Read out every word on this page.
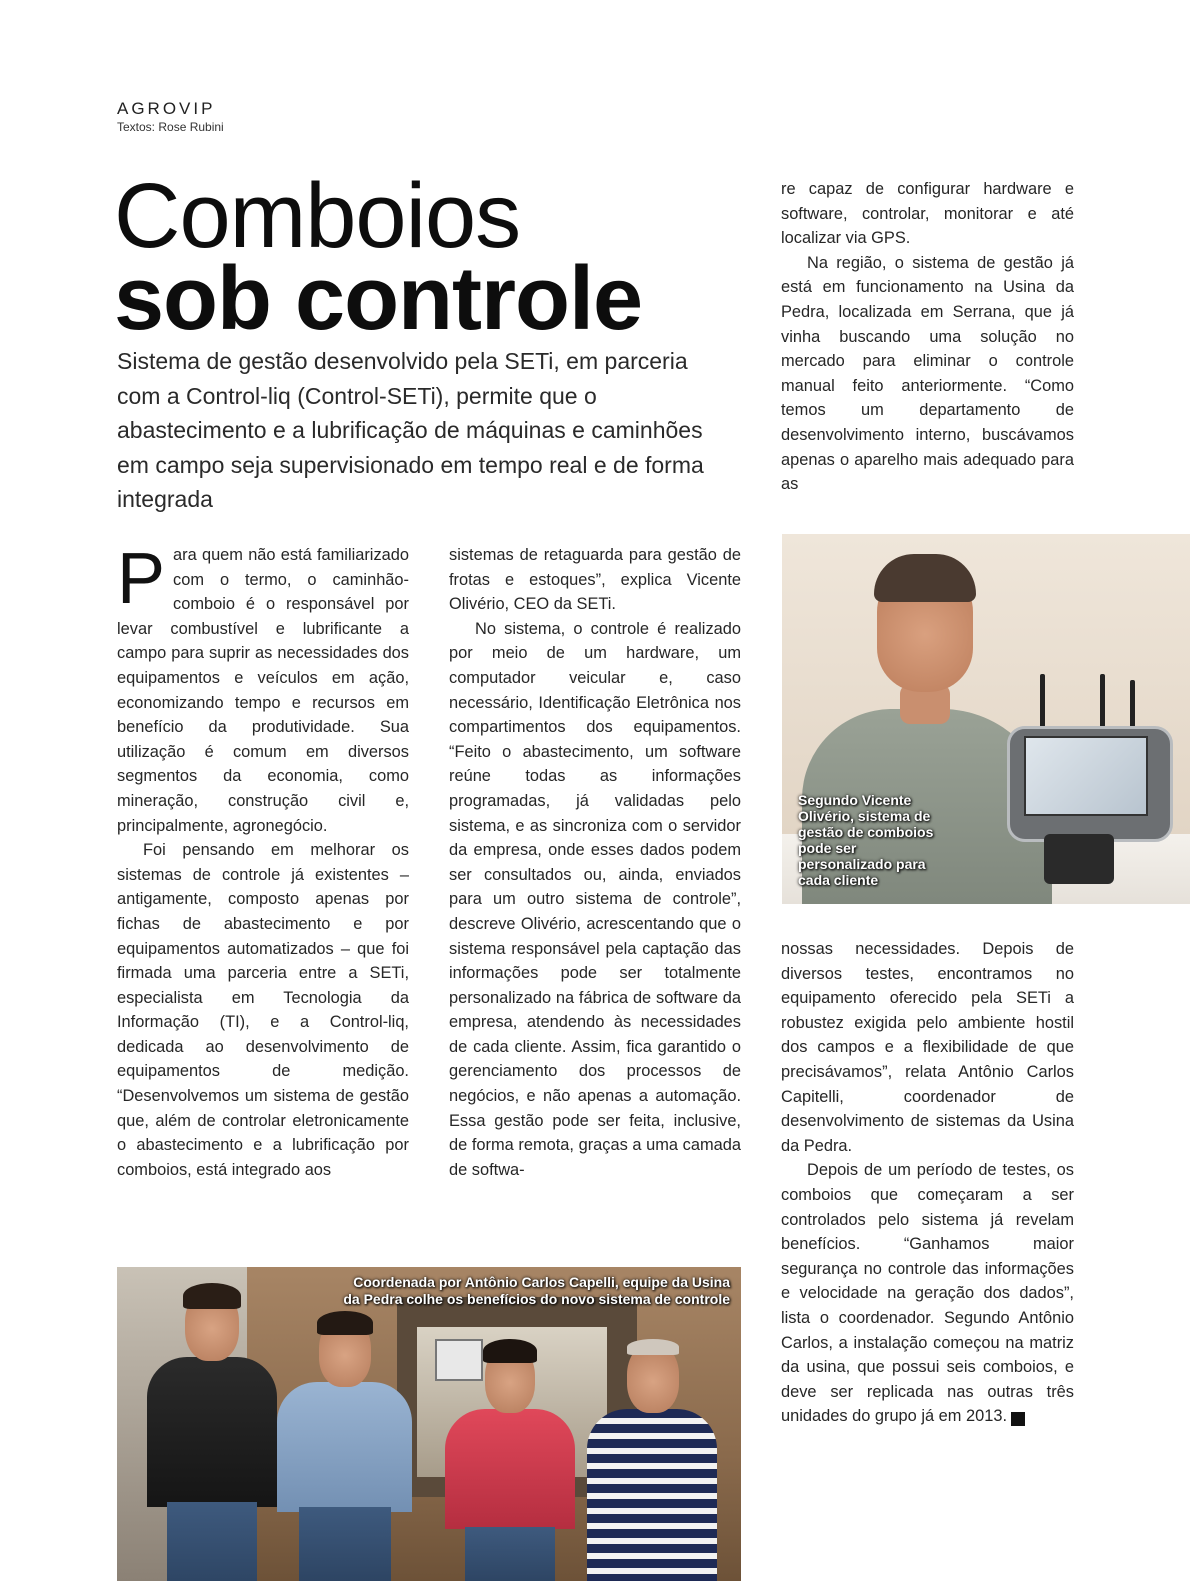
AGROVIP
Textos: Rose Rubini
Comboios
sob controle
Sistema de gestão desenvolvido pela SETi, em parceria com a Control-liq (Control-SETi), permite que o abastecimento e a lubrificação de máquinas e caminhões em campo seja supervisionado em tempo real e de forma integrada

Para quem não está familiarizado com o termo, o caminhão-comboio é o responsável por levar combustível e lubrificante a campo para suprir as necessidades dos equipamentos e veículos em ação, economizando tempo e recursos em benefício da produtividade. Sua utilização é comum em diversos segmentos da economia, como mineração, construção civil e, principalmente, agronegócio.

Foi pensando em melhorar os sistemas de controle já existentes – antigamente, composto apenas por fichas de abastecimento e por equipamentos automatizados – que foi firmada uma parceria entre a SETi, especialista em Tecnologia da Informação (TI), e a Control-liq, dedicada ao desenvolvimento de equipamentos de medição. “Desenvolvemos um sistema de gestão que, além de controlar eletronicamente o abastecimento e a lubrificação por comboios, está integrado aos

sistemas de retaguarda para gestão de frotas e estoques”, explica Vicente Olivério, CEO da SETi.

No sistema, o controle é realizado por meio de um hardware, um computador veicular e, caso necessário, Identificação Eletrônica nos compartimentos dos equipamentos. “Feito o abastecimento, um software reúne todas as informações programadas, já validadas pelo sistema, e as sincroniza com o servidor da empresa, onde esses dados podem ser consultados ou, ainda, enviados para um outro sistema de controle”, descreve Olivério, acrescentando que o sistema responsável pela captação das informações pode ser totalmente personalizado na fábrica de software da empresa, atendendo às necessidades de cada cliente. Assim, fica garantido o gerenciamento dos processos de negócios, e não apenas a automação. Essa gestão pode ser feita, inclusive, de forma remota, graças a uma camada de softwa-

re capaz de configurar hardware e software, controlar, monitorar e até localizar via GPS.

Na região, o sistema de gestão já está em funcionamento na Usina da Pedra, localizada em Serrana, que já vinha buscando uma solução no mercado para eliminar o controle manual feito anteriormente. “Como temos um departamento de desenvolvimento interno, buscávamos apenas o aparelho mais adequado para as

Segundo Vicente Olivério, sistema de gestão de comboios pode ser personalizado para cada cliente

nossas necessidades. Depois de diversos testes, encontramos no equipamento oferecido pela SETi a robustez exigida pelo ambiente hostil dos campos e a flexibilidade de que precisávamos”, relata Antônio Carlos Capitelli, coordenador de desenvolvimento de sistemas da Usina da Pedra.

Depois de um período de testes, os comboios que começaram a ser controlados pelo sistema já revelam benefícios. “Ganhamos maior segurança no controle das informações e velocidade na geração dos dados”, lista o coordenador. Segundo Antônio Carlos, a instalação começou na matriz da usina, que possui seis comboios, e deve ser replicada nas outras três unidades do grupo já em 2013.	r

Coordenada por Antônio Carlos Capelli, equipe da Usina da Pedra colhe os benefícios do novo sistema de controle
